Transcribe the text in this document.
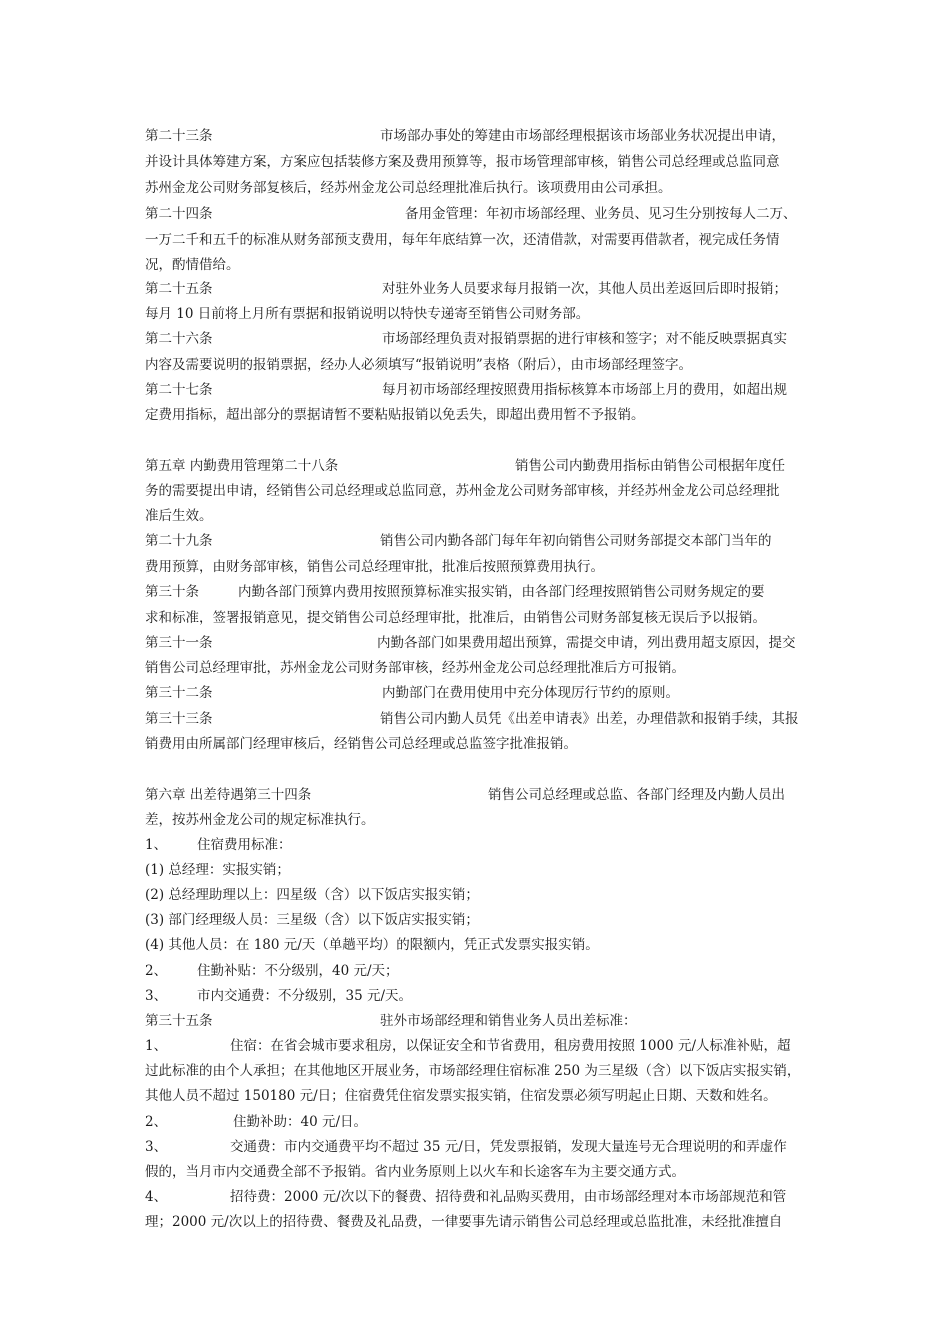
第二十三条	市场部办事处的筹建由市场部经理根据该市场部业务状况提出申请，
并设计具体筹建方案，方案应包括装修方案及费用预算等，报市场管理部审核，销售公司总经理或总监同意
苏州金龙公司财务部复核后，经苏州金龙公司总经理批准后执行。该项费用由公司承担。
第二十四条	备用金管理：年初市场部经理、业务员、见习生分别按每人二万、
一万二千和五千的标准从财务部预支费用，每年年底结算一次，还清借款，对需要再借款者，视完成任务情
况，酌情借给。
第二十五条	对驻外业务人员要求每月报销一次，其他人员出差返回后即时报销；
每月 10 日前将上月所有票据和报销说明以特快专递寄至销售公司财务部。
第二十六条	市场部经理负责对报销票据的进行审核和签字；对不能反映票据真实
内容及需要说明的报销票据，经办人必须填写“报销说明”表格（附后），由市场部经理签字。
第二十七条	每月初市场部经理按照费用指标核算本市场部上月的费用，如超出规
定费用指标，超出部分的票据请暂不要粘贴报销以免丢失，即超出费用暂不予报销。
第五章 内勤费用管理第二十八条	销售公司内勤费用指标由销售公司根据年度任
务的需要提出申请，经销售公司总经理或总监同意，苏州金龙公司财务部审核，并经苏州金龙公司总经理批
准后生效。
第二十九条	销售公司内勤各部门每年年初向销售公司财务部提交本部门当年的
费用预算，由财务部审核，销售公司总经理审批，批准后按照预算费用执行。
第三十条	内勤各部门预算内费用按照预算标准实报实销，由各部门经理按照销售公司财务规定的要
求和标准，签署报销意见，提交销售公司总经理审批，批准后，由销售公司财务部复核无误后予以报销。
第三十一条	内勤各部门如果费用超出预算，需提交申请，列出费用超支原因，提交
销售公司总经理审批，苏州金龙公司财务部审核，经苏州金龙公司总经理批准后方可报销。
第三十二条	内勤部门在费用使用中充分体现厉行节约的原则。
第三十三条	销售公司内勤人员凭《出差申请表》出差，办理借款和报销手续，其报
销费用由所属部门经理审核后，经销售公司总经理或总监签字批准报销。
第六章 出差待遇第三十四条	销售公司总经理或总监、各部门经理及内勤人员出
差，按苏州金龙公司的规定标准执行。
1、 住宿费用标准：
(1) 总经理：实报实销；
(2) 总经理助理以上：四星级（含）以下饭店实报实销；
(3) 部门经理级人员：三星级（含）以下饭店实报实销；
(4) 其他人员：在 180 元/天（单趟平均）的限额内，凭正式发票实报实销。
2、 住勤补贴：不分级别，40 元/天；
3、 市内交通费：不分级别，35 元/天。
第三十五条	驻外市场部经理和销售业务人员出差标准：
1、	住宿：在省会城市要求租房，以保证安全和节省费用，租房费用按照 1000 元/人标准补贴，超
过此标准的由个人承担；在其他地区开展业务，市场部经理住宿标准 250 为三星级（含）以下饭店实报实销，
其他人员不超过 150180 元/日；住宿费凭住宿发票实报实销，住宿发票必须写明起止日期、天数和姓名。
2、	住勤补助：40 元/日。
3、	交通费：市内交通费平均不超过 35 元/日，凭发票报销，发现大量连号无合理说明的和弄虚作
假的，当月市内交通费全部不予报销。省内业务原则上以火车和长途客车为主要交通方式。
4、	招待费：2000 元/次以下的餐费、招待费和礼品购买费用，由市场部经理对本市场部规范和管
理；2000 元/次以上的招待费、餐费及礼品费，一律要事先请示销售公司总经理或总监批准，未经批准擅自
